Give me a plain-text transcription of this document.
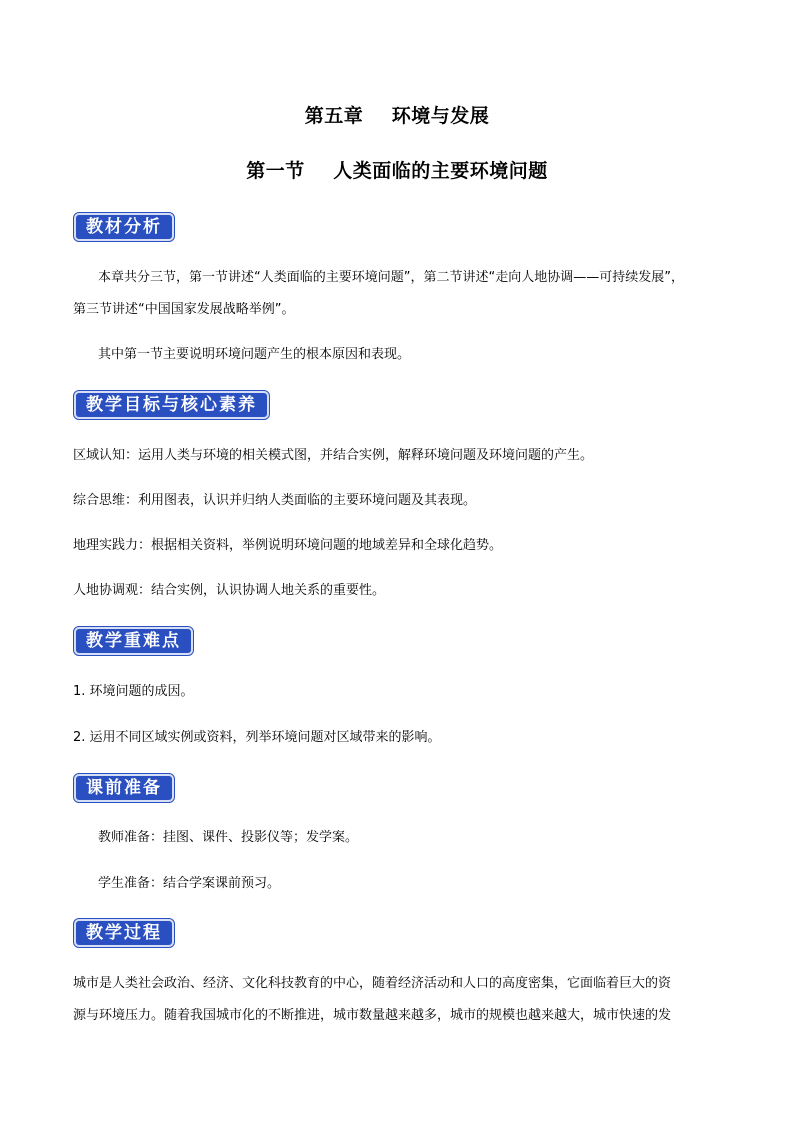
第五章    环境与发展
第一节    人类面临的主要环境问题
教材分析
本章共分三节，第一节讲述“人类面临的主要环境问题”，第二节讲述“走向人地协调——可持续发展”，
第三节讲述“中国国家发展战略举例”。
其中第一节主要说明环境问题产生的根本原因和表现。
教学目标与核心素养
区域认知：运用人类与环境的相关模式图，并结合实例，解释环境问题及环境问题的产生。
综合思维：利用图表，认识并归纳人类面临的主要环境问题及其表现。
地理实践力：根据相关资料，举例说明环境问题的地域差异和全球化趋势。
人地协调观：结合实例，认识协调人地关系的重要性。
教学重难点
1. 环境问题的成因。
2. 运用不同区域实例或资料，列举环境问题对区域带来的影响。
课前准备
教师准备：挂图、课件、投影仪等；发学案。
学生准备：结合学案课前预习。
教学过程
城市是人类社会政治、经济、文化科技教育的中心，随着经济活动和人口的高度密集，它面临着巨大的资
源与环境压力。随着我国城市化的不断推进，城市数量越来越多，城市的规模也越来越大，城市快速的发
